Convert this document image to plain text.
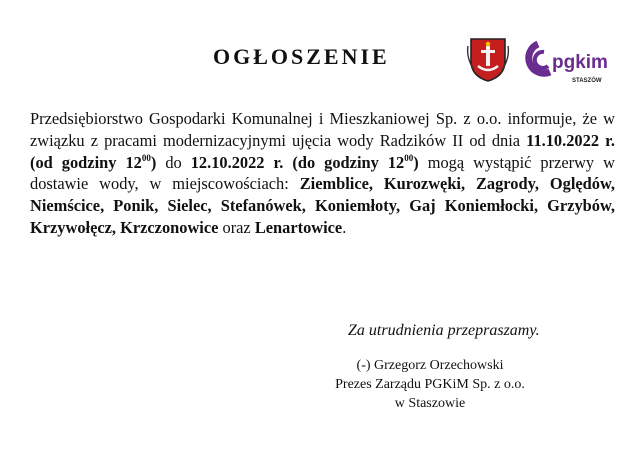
OGŁOSZENIE	pgkim
STASZÓW
Przedsiębiorstwo Gospodarki Komunalnej i Mieszkaniowej Sp. z o.o. informuje, że w związku z pracami modernizacyjnymi ujęcia wody Radzików II od dnia 11.10.2022 r. (od godziny $12^{00}$) do 12.10.2022 r. (do godziny $12^{00}$) mogą wystąpić przerwy w dostawie wody, w miejscowościach: Ziemblice, Kurozwęki, Zagrody, Oględów, Niemścice, Ponik, Sielec, Stefanówek, Koniemłoty, Gaj Koniemłocki, Grzybów, Krzywołęcz, Krzczonowice oraz Lenartowice.
Za utrudnienia przepraszamy.
(-) Grzegorz Orzechowski
Prezes Zarządu PGKiM Sp. z o.o.
w Staszowie
